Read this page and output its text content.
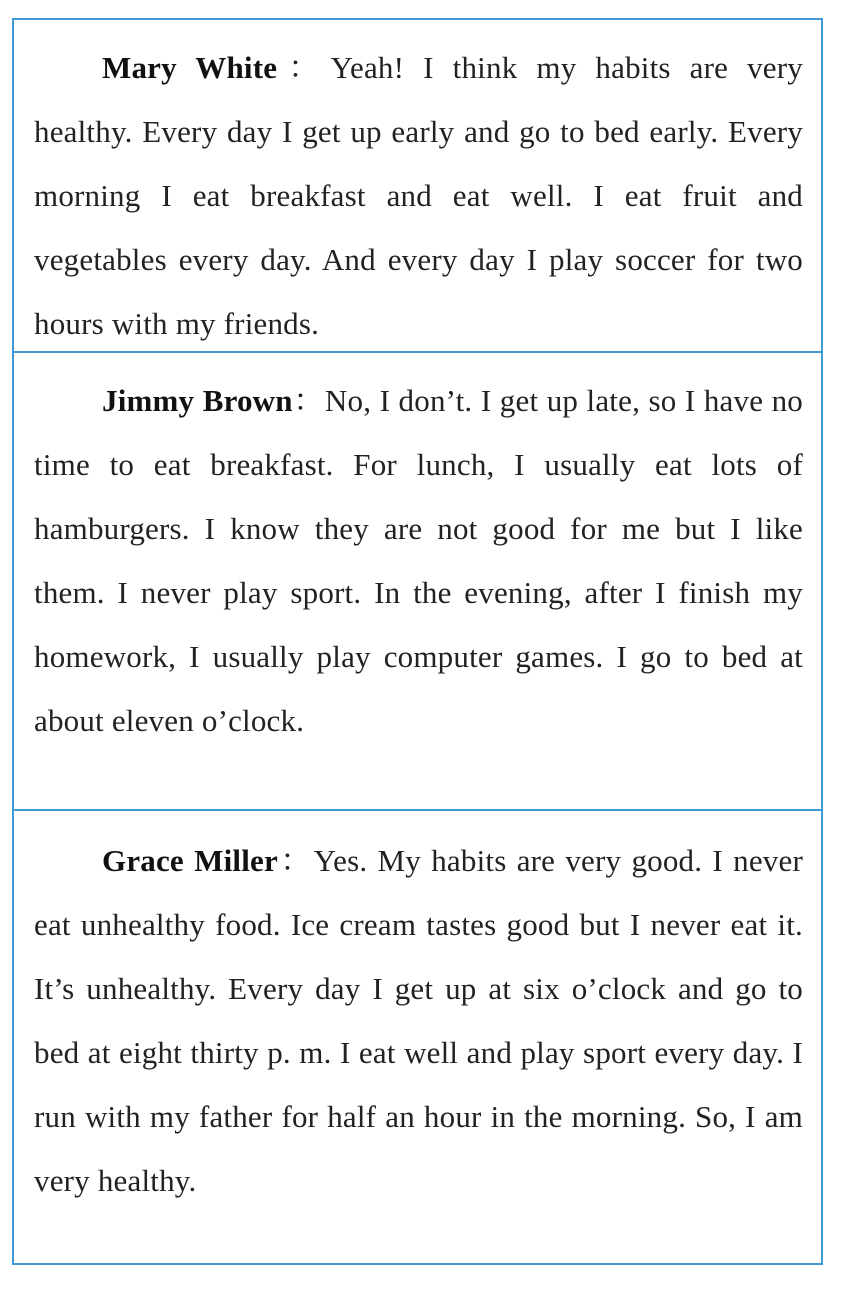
Mary White：Yeah! I think my habits are very healthy. Every day I get up early and go to bed early. Every morning I eat breakfast and eat well. I eat fruit and vegetables every day. And every day I play soccer for two hours with my friends.

Jimmy Brown：No, I don’t. I get up late, so I have no time to eat breakfast. For lunch, I usually eat lots of hamburgers. I know they are not good for me but I like them. I never play sport. In the evening, after I finish my homework, I usually play computer games. I go to bed at about eleven o’clock.

Grace Miller：Yes. My habits are very good. I never eat unhealthy food. Ice cream tastes good but I never eat it. It’s unhealthy. Every day I get up at six o’clock and go to bed at eight thirty p. m. I eat well and play sport every day. I run with my father for half an hour in the morning. So, I am very healthy.
